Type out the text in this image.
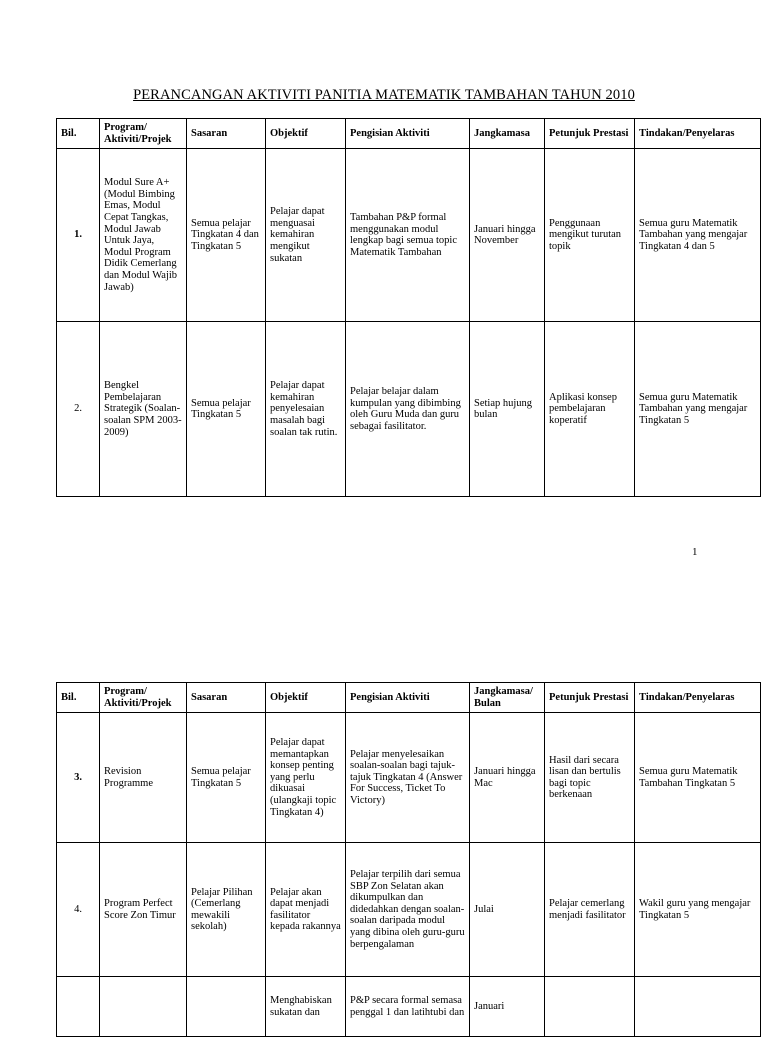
PERANCANGAN AKTIVITI PANITIA MATEMATIK TAMBAHAN TAHUN 2010
Bil.	Program/ Aktiviti/Projek	Sasaran	Objektif	Pengisian Aktiviti	Jangkamasa	Petunjuk Prestasi	Tindakan/Penyelaras
1.	Modul Sure A+ (Modul Bimbing Emas, Modul Cepat Tangkas, Modul Jawab Untuk Jaya, Modul Program Didik Cemerlang dan Modul Wajib Jawab)	Semua pelajar Tingkatan 4 dan Tingkatan 5	Pelajar dapat menguasai kemahiran mengikut sukatan	Tambahan P&P formal menggunakan modul lengkap bagi semua topic Matematik Tambahan	Januari hingga November	Penggunaan mengikut turutan topik	Semua guru Matematik Tambahan yang mengajar Tingkatan 4 dan 5
2.	Bengkel Pembelajaran Strategik (Soalan-soalan SPM 2003-2009)	Semua pelajar Tingkatan 5	Pelajar dapat kemahiran penyelesaian masalah bagi soalan tak rutin.	Pelajar belajar dalam kumpulan yang dibimbing oleh Guru Muda dan guru sebagai fasilitator.	Setiap hujung bulan	Aplikasi konsep pembelajaran koperatif	Semua guru Matematik Tambahan yang mengajar Tingkatan 5
1
Bil.	Program/ Aktiviti/Projek	Sasaran	Objektif	Pengisian Aktiviti	Jangkamasa/ Bulan	Petunjuk Prestasi	Tindakan/Penyelaras
3.	Revision Programme	Semua pelajar Tingkatan 5	Pelajar dapat memantapkan konsep penting yang perlu dikuasai (ulangkaji topic Tingkatan 4)	Pelajar menyelesaikan soalan-soalan bagi tajuk-tajuk Tingkatan 4 (Answer For Success, Ticket To Victory)	Januari hingga Mac	Hasil dari secara lisan dan bertulis bagi topic berkenaan	Semua guru Matematik Tambahan Tingkatan 5
4.	Program Perfect Score Zon Timur	Pelajar Pilihan (Cemerlang mewakili sekolah)	Pelajar akan dapat menjadi fasilitator kepada rakannya	Pelajar terpilih dari semua SBP Zon Selatan akan dikumpulkan dan didedahkan dengan soalan-soalan daripada modul yang dibina oleh guru-guru berpengalaman	Julai	Pelajar cemerlang menjadi fasilitator	Wakil guru yang mengajar Tingkatan 5
			Menghabiskan sukatan dan	P&P secara formal semasa penggal 1 dan latihtubi dan	Januari		
